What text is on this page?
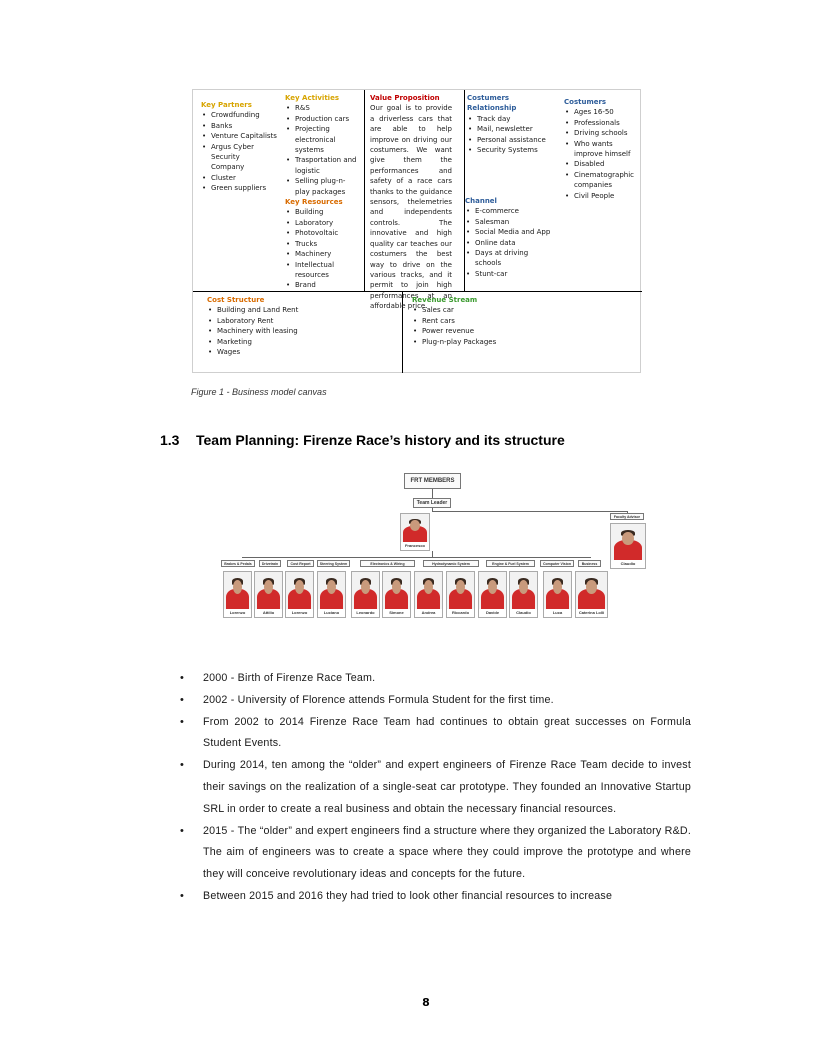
Key Partners
• Crowdfunding
• Banks
• Venture Capitalists
• Argus Cyber Security Company
• Cluster
• Green suppliers
Key Activities
• R&S
• Production cars
• Projecting electronical systems
• Trasportation and logistic
• Selling plug-n-play packages
Key Resources
• Building
• Laboratory
• Photovoltaic
• Trucks
• Machinery
• Intellectual resources
• Brand
Value Proposition
Our goal is to provide a driverless cars that are able to help improve on driving our costumers. We want give them the performances and safety of a race cars thanks to the guidance sensors, thelemetries and independents controls. The innovative and high quality car teaches our costumers the best way to drive on the various tracks, and it permit to join high performances at an affordable price.
Costumers
Relationship
• Track day
• Mail, newsletter
• Personal assistance
• Security Systems
Channel
• E-commerce
• Salesman
• Social Media and App
• Online data
• Days at driving schools
• Stunt-car
Costumers
• Ages 16-50
• Professionals
• Driving schools
• Who wants improve himself
• Disabled
• Cinematographic companies
• Civil People
Cost Structure
• Building and Land Rent
• Laboratory Rent
• Machinery with leasing
• Marketing
• Wages
Revenue Stream
• Sales car
• Rent cars
• Power revenue
• Plug-n-play Packages
Figure 1 - Business model canvas
1.3 Team Planning: Firenze Race’s history and its structure
FRT MEMBERS
Team Leader
Francesco
Faculty Advisor
Claudio
Brakes & Pedals	Drivetrain	Cost Report	Steering System	Electronics & Wiring	Hydrodynamic System	Engine & Fuel System	Computer Vision	Business
Lorenzo	Attilio	Lorenzo	Luciano	Leonardo	Simone	Andrea	Riccardo	Davide	Claudio	Luca	Caterina Lolli
• 2000 - Birth of Firenze Race Team.
• 2002 - University of Florence attends Formula Student for the first time.
• From 2002 to 2014 Firenze Race Team had continues to obtain great successes on Formula Student Events.
• During 2014, ten among the “older” and expert engineers of Firenze Race Team decide to invest their savings on the realization of a single-seat car prototype. They founded an Innovative Startup SRL in order to create a real business and obtain the necessary financial resources.
• 2015 - The “older” and expert engineers find a structure where they organized the Laboratory R&D. The aim of engineers was to create a space where they could improve the prototype and where they will conceive revolutionary ideas and concepts for the future.
• Between 2015 and 2016 they had tried to look other financial resources to increase
8
